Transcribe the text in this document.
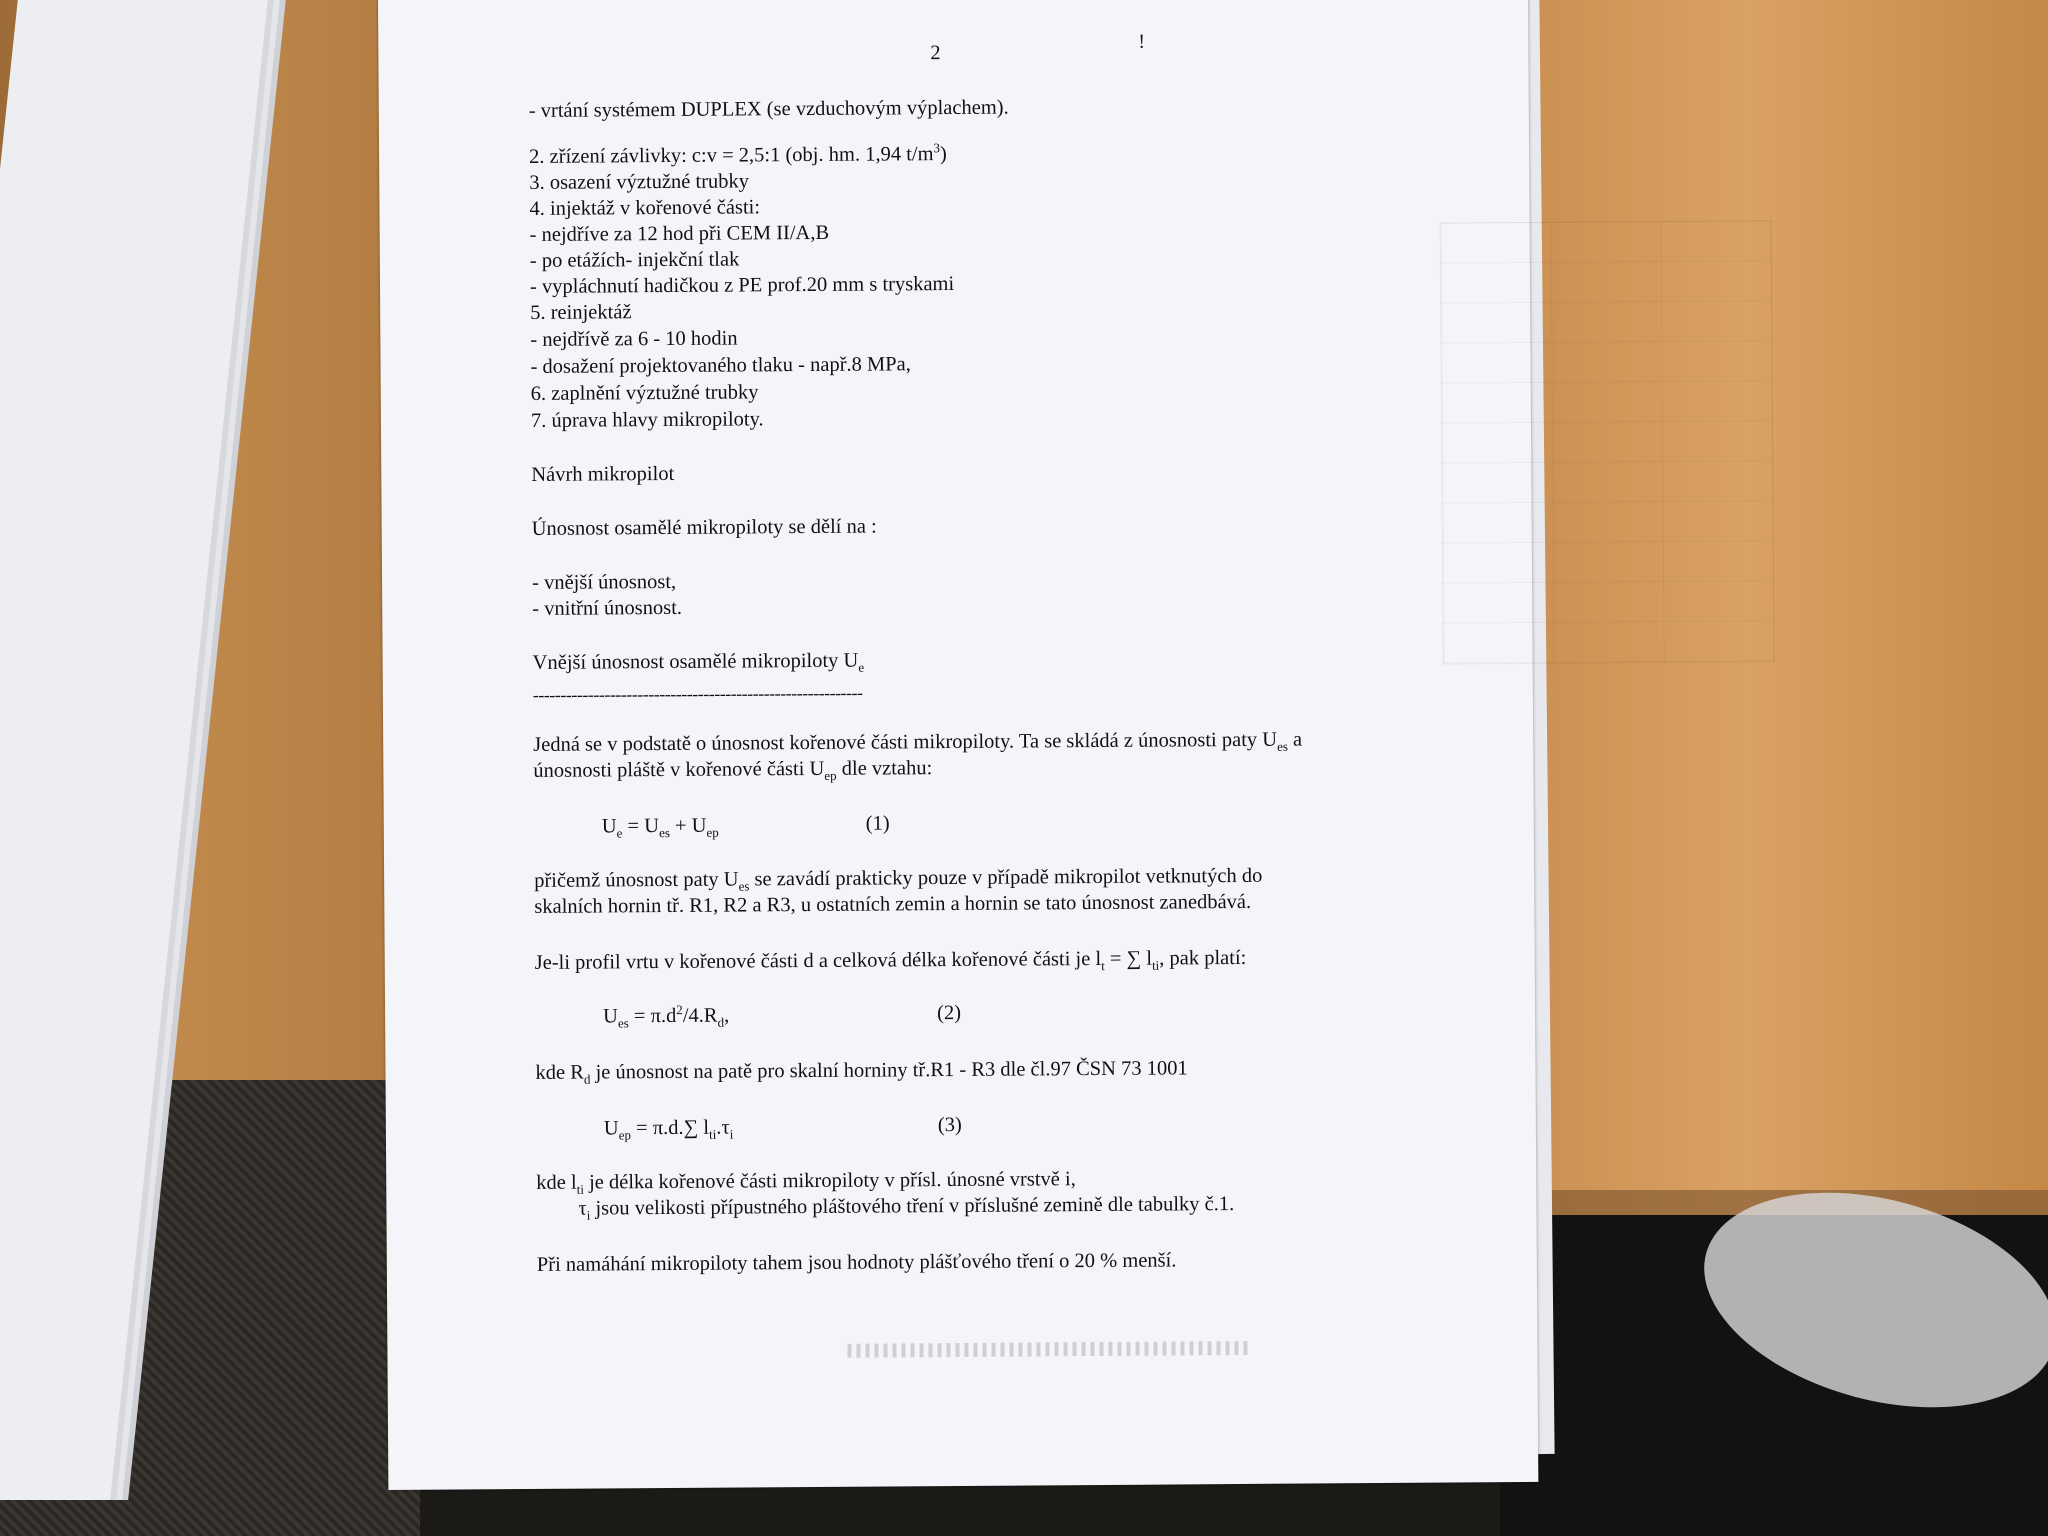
2
!
- vrtání systémem DUPLEX (se vzduchovým výplachem).
2. zřízení závlivky: c:v = 2,5:1 (obj. hm. 1,94 $t/m^3$)
3. osazení výztužné trubky
4. injektáž v kořenové části:
- nejdříve za 12 hod při CEM II/A,B
- po etážích- injekční tlak
- vypláchnutí hadičkou z PE prof.20 mm s tryskami
5. reinjektáž
- nejdřívě za 6 - 10 hodin
- dosažení projektovaného tlaku - např.8 MPa,
6. zaplnění výztužné trubky
7. úprava hlavy mikropiloty.
Návrh mikropilot
Únosnost osamělé mikropiloty se dělí na :
- vnější únosnost,
- vnitřní únosnost.
Vnější únosnost osamělé mikropiloty $U_e$
------------------------------------------------------------
Jedná se v podstatě o únosnost kořenové části mikropiloty. Ta se skládá z únosnosti paty $U_{es}$ a
únosnosti pláště v kořenové části $U_{ep}$ dle vztahu:
$U_e = U_{es} + U_{ep}$	(1)
přičemž únosnost paty $U_{es}$ se zavádí prakticky pouze v případě mikropilot vetknutých do
skalních hornin tř. R1, R2 a R3, u ostatních zemin a hornin se tato únosnost zanedbává.
Je-li profil vrtu v kořenové části d a celková délka kořenové části je $l_t$ = ∑ $l_{ti}$, pak platí:
$U_{es} = \pi.d^2/4.R_d$,	(2)
kde $R_d$ je únosnost na patě pro skalní horniny tř.R1 - R3 dle čl.97 ČSN 73 1001
$U_{ep} = \pi.d.\sum$ $l_{ti}.\tau_i$	(3)
kde $l_{ti}$ je délka kořenové části mikropiloty v přísl. únosné vrstvě i,
$\tau_i$ jsou velikosti přípustného pláštového tření v příslušné zemině dle tabulky č.1.
Při namáhání mikropiloty tahem jsou hodnoty plášťového tření o 20 % menší.
